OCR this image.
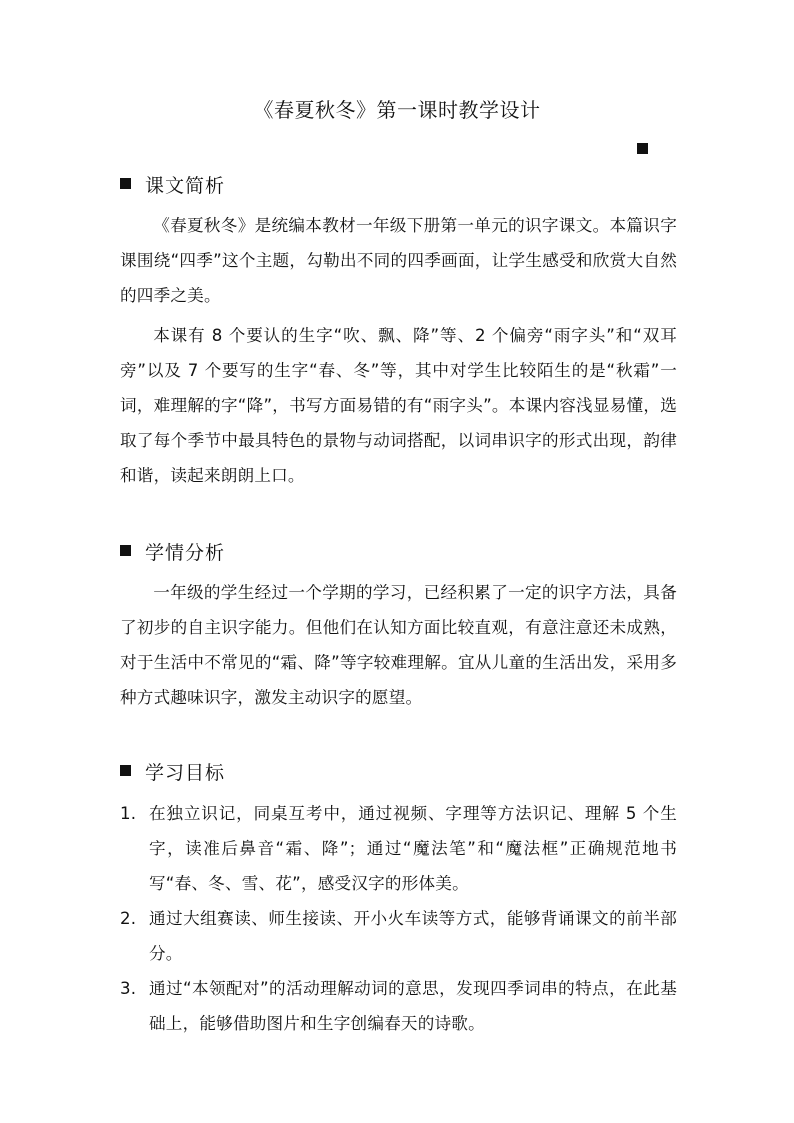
《春夏秋冬》第一课时教学设计
课文简析
《春夏秋冬》是统编本教材一年级下册第一单元的识字课文。本篇识字课围绕“四季”这个主题，勾勒出不同的四季画面，让学生感受和欣赏大自然的四季之美。
本课有 8 个要认的生字“吹、飘、降”等、2 个偏旁“雨字头”和“双耳旁”以及 7 个要写的生字“春、冬”等，其中对学生比较陌生的是“秋霜”一词，难理解的字“降”，书写方面易错的有“雨字头”。本课内容浅显易懂，选取了每个季节中最具特色的景物与动词搭配，以词串识字的形式出现，韵律和谐，读起来朗朗上口。
学情分析
一年级的学生经过一个学期的学习，已经积累了一定的识字方法，具备了初步的自主识字能力。但他们在认知方面比较直观，有意注意还未成熟，对于生活中不常见的“霜、降”等字较难理解。宜从儿童的生活出发，采用多种方式趣味识字，激发主动识字的愿望。
学习目标
1. 在独立识记，同桌互考中，通过视频、字理等方法识记、理解 5 个生字，读准后鼻音“霜、降”；通过“魔法笔”和“魔法框”正确规范地书写“春、冬、雪、花”，感受汉字的形体美。
2. 通过大组赛读、师生接读、开小火车读等方式，能够背诵课文的前半部分。
3. 通过“本领配对”的活动理解动词的意思，发现四季词串的特点，在此基础上，能够借助图片和生字创编春天的诗歌。
